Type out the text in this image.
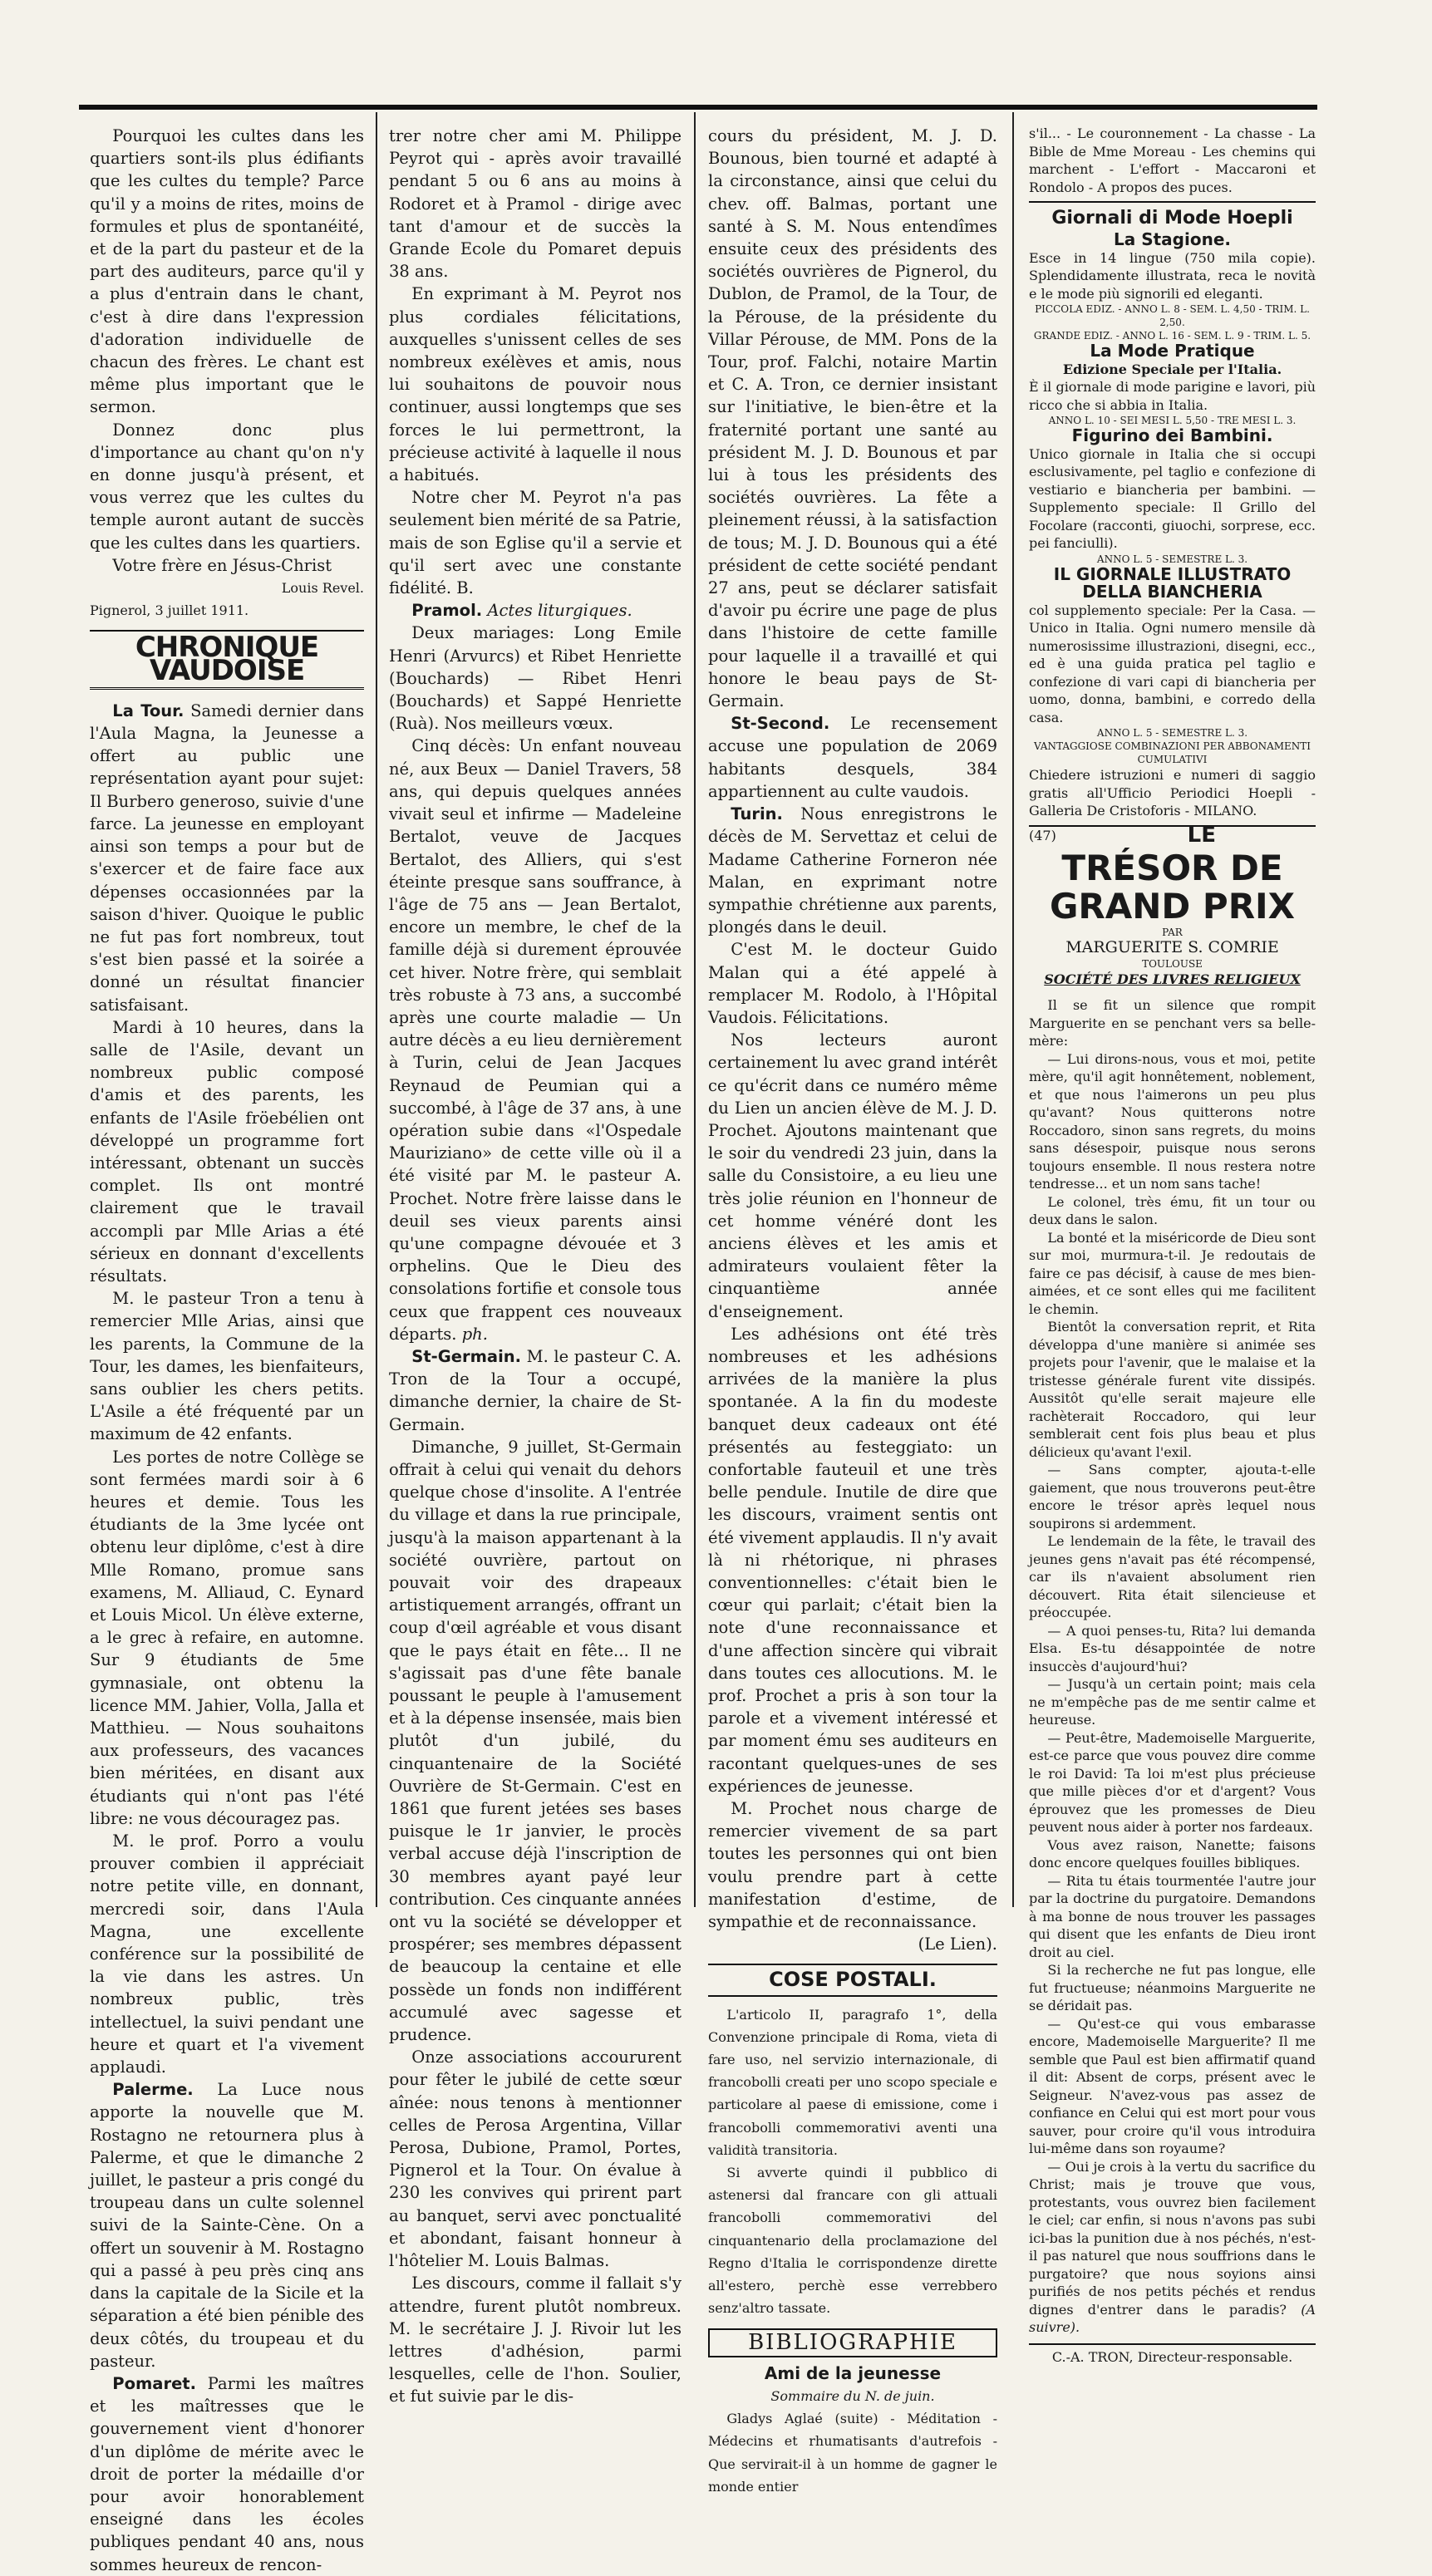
Pourquoi les cultes dans les quartiers sont-ils plus édifiants que les cultes du temple? Parce qu'il y a moins de rites, moins de formules et plus de spontanéité, et de la part du pasteur et de la part des auditeurs, parce qu'il y a plus d'entrain dans le chant, c'est à dire dans l'expression d'adoration individuelle de chacun des frères. Le chant est même plus important que le sermon.

Donnez donc plus d'importance au chant qu'on n'y en donne jusqu'à présent, et vous verrez que les cultes du temple auront autant de succès que les cultes dans les quartiers.

Votre frère en Jésus-Christ

Louis Revel.
Pignerol, 3 juillet 1911.
CHRONIQUE VAUDOISE

La Tour. Samedi dernier dans l'Aula Magna, la Jeunesse a offert au public une représentation ayant pour sujet: Il Burbero generoso, suivie d'une farce. La jeunesse en employant ainsi son temps a pour but de s'exercer et de faire face aux dépenses occasionnées par la saison d'hiver. Quoique le public ne fut pas fort nombreux, tout s'est bien passé et la soirée a donné un résultat financier satisfaisant.

Mardi à 10 heures, dans la salle de l'Asile, devant un nombreux public composé d'amis et des parents, les enfants de l'Asile fröebélien ont développé un programme fort intéressant, obtenant un succès complet. Ils ont montré clairement que le travail accompli par Mlle Arias a été sérieux en donnant d'excellents résultats.

M. le pasteur Tron a tenu à remercier Mlle Arias, ainsi que les parents, la Commune de la Tour, les dames, les bienfaiteurs, sans oublier les chers petits. L'Asile a été fréquenté par un maximum de 42 enfants.

Les portes de notre Collège se sont fermées mardi soir à 6 heures et demie. Tous les étudiants de la 3me lycée ont obtenu leur diplôme, c'est à dire Mlle Romano, promue sans examens, M. Alliaud, C. Eynard et Louis Micol. Un élève externe, a le grec à refaire, en automne. Sur 9 étudiants de 5me gymnasiale, ont obtenu la licence MM. Jahier, Volla, Jalla et Matthieu. — Nous souhaitons aux professeurs, des vacances bien méritées, en disant aux étudiants qui n'ont pas l'été libre: ne vous découragez pas.

M. le prof. Porro a voulu prouver combien il appréciait notre petite ville, en donnant, mercredi soir, dans l'Aula Magna, une excellente conférence sur la possibilité de la vie dans les astres. Un nombreux public, très intellectuel, la suivi pendant une heure et quart et l'a vivement applaudi.

Palerme. La Luce nous apporte la nouvelle que M. Rostagno ne retournera plus à Palerme, et que le dimanche 2 juillet, le pasteur a pris congé du troupeau dans un culte solennel suivi de la Sainte-Cène. On a offert un souvenir à M. Rostagno qui a passé à peu près cinq ans dans la capitale de la Sicile et la séparation a été bien pénible des deux côtés, du troupeau et du pasteur.

Pomaret. Parmi les maîtres et les maîtresses que le gouvernement vient d'honorer d'un diplôme de mérite avec le droit de porter la médaille d'or pour avoir honorablement enseigné dans les écoles publiques pendant 40 ans, nous sommes heureux de rencon-

trer notre cher ami M. Philippe Peyrot qui - après avoir travaillé pendant 5 ou 6 ans au moins à Rodoret et à Pramol - dirige avec tant d'amour et de succès la Grande Ecole du Pomaret depuis 38 ans.

En exprimant à M. Peyrot nos plus cordiales félicitations, auxquelles s'unissent celles de ses nombreux exélèves et amis, nous lui souhaitons de pouvoir nous continuer, aussi longtemps que ses forces le lui permettront, la précieuse activité à laquelle il nous a habitués.

Notre cher M. Peyrot n'a pas seulement bien mérité de sa Patrie, mais de son Eglise qu'il a servie et qu'il sert avec une constante fidélité. B.

Pramol. Actes liturgiques.

Deux mariages: Long Emile Henri (Arvurcs) et Ribet Henriette (Bouchards) — Ribet Henri (Bouchards) et Sappé Henriette (Ruà). Nos meilleurs vœux.

Cinq décès: Un enfant nouveau né, aux Beux — Daniel Travers, 58 ans, qui depuis quelques années vivait seul et infirme — Madeleine Bertalot, veuve de Jacques Bertalot, des Alliers, qui s'est éteinte presque sans souffrance, à l'âge de 75 ans — Jean Bertalot, encore un membre, le chef de la famille déjà si durement éprouvée cet hiver. Notre frère, qui semblait très robuste à 73 ans, a succombé après une courte maladie — Un autre décès a eu lieu dernièrement à Turin, celui de Jean Jacques Reynaud de Peumian qui a succombé, à l'âge de 37 ans, à une opération subie dans «l'Ospedale Mauriziano» de cette ville où il a été visité par M. le pasteur A. Prochet. Notre frère laisse dans le deuil ses vieux parents ainsi qu'une compagne dévouée et 3 orphelins. Que le Dieu des consolations fortifie et console tous ceux que frappent ces nouveaux départs. ph.

St-Germain. M. le pasteur C. A. Tron de la Tour a occupé, dimanche dernier, la chaire de St-Germain.

Dimanche, 9 juillet, St-Germain offrait à celui qui venait du dehors quelque chose d'insolite. A l'entrée du village et dans la rue principale, jusqu'à la maison appartenant à la société ouvrière, partout on pouvait voir des drapeaux artistiquement arrangés, offrant un coup d'œil agréable et vous disant que le pays était en fête... Il ne s'agissait pas d'une fête banale poussant le peuple à l'amusement et à la dépense insensée, mais bien plutôt d'un jubilé, du cinquantenaire de la Société Ouvrière de St-Germain. C'est en 1861 que furent jetées ses bases puisque le 1r janvier, le procès verbal accuse déjà l'inscription de 30 membres ayant payé leur contribution. Ces cinquante années ont vu la société se développer et prospérer; ses membres dépassent de beaucoup la centaine et elle possède un fonds non indifférent accumulé avec sagesse et prudence.

Onze associations accoururent pour fêter le jubilé de cette sœur aînée: nous tenons à mentionner celles de Perosa Argentina, Villar Perosa, Dubione, Pramol, Portes, Pignerol et la Tour. On évalue à 230 les convives qui prirent part au banquet, servi avec ponctualité et abondant, faisant honneur à l'hôtelier M. Louis Balmas.

Les discours, comme il fallait s'y attendre, furent plutôt nombreux. M. le secrétaire J. J. Rivoir lut les lettres d'adhésion, parmi lesquelles, celle de l'hon. Soulier, et fut suivie par le dis-

cours du président, M. J. D. Bounous, bien tourné et adapté à la circonstance, ainsi que celui du chev. off. Balmas, portant une santé à S. M. Nous entendîmes ensuite ceux des présidents des sociétés ouvrières de Pignerol, du Dublon, de Pramol, de la Tour, de la Pérouse, de la présidente du Villar Pérouse, de MM. Pons de la Tour, prof. Falchi, notaire Martin et C. A. Tron, ce dernier insistant sur l'initiative, le bien-être et la fraternité portant une santé au président M. J. D. Bounous et par lui à tous les présidents des sociétés ouvrières. La fête a pleinement réussi, à la satisfaction de tous; M. J. D. Bounous qui a été président de cette société pendant 27 ans, peut se déclarer satisfait d'avoir pu écrire une page de plus dans l'histoire de cette famille pour laquelle il a travaillé et qui honore le beau pays de St-Germain.

St-Second. Le recensement accuse une population de 2069 habitants desquels, 384 appartiennent au culte vaudois.

Turin. Nous enregistrons le décès de M. Servettaz et celui de Madame Catherine Forneron née Malan, en exprimant notre sympathie chrétienne aux parents, plongés dans le deuil.

C'est M. le docteur Guido Malan qui a été appelé à remplacer M. Rodolo, à l'Hôpital Vaudois. Félicitations.

Nos lecteurs auront certainement lu avec grand intérêt ce qu'écrit dans ce numéro même du Lien un ancien élève de M. J. D. Prochet. Ajoutons maintenant que le soir du vendredi 23 juin, dans la salle du Consistoire, a eu lieu une très jolie réunion en l'honneur de cet homme vénéré dont les anciens élèves et les amis et admirateurs voulaient fêter la cinquantième année d'enseignement.

Les adhésions ont été très nombreuses et les adhésions arrivées de la manière la plus spontanée. A la fin du modeste banquet deux cadeaux ont été présentés au festeggiato: un confortable fauteuil et une très belle pendule. Inutile de dire que les discours, vraiment sentis ont été vivement applaudis. Il n'y avait là ni rhétorique, ni phrases conventionnelles: c'était bien le cœur qui parlait; c'était bien la note d'une reconnaissance et d'une affection sincère qui vibrait dans toutes ces allocutions. M. le prof. Prochet a pris à son tour la parole et a vivement intéressé et par moment ému ses auditeurs en racontant quelques-unes de ses expériences de jeunesse.

M. Prochet nous charge de remercier vivement de sa part toutes les personnes qui ont bien voulu prendre part à cette manifestation d'estime, de sympathie et de reconnaissance.

(Le Lien).
COSE POSTALI.

L'articolo II, paragrafo 1°, della Convenzione principale di Roma, vieta di fare uso, nel servizio internazionale, di francobolli creati per uno scopo speciale e particolare al paese di emissione, come i francobolli commemorativi aventi una validità transitoria.

Si avverte quindi il pubblico di astenersi dal francare con gli attuali francobolli commemorativi del cinquantenario della proclamazione del Regno d'Italia le corrispondenze dirette all'estero, perchè esse verrebbero senz'altro tassate.

BIBLIOGRAPHIE
Ami de la jeunesse
Sommaire du N. de juin.

Gladys Aglaé (suite) - Méditation - Médecins et rhumatisants d'autrefois - Que servirait-il à un homme de gagner le monde entier

s'il... - Le couronnement - La chasse - La Bible de Mme Moreau - Les chemins qui marchent - L'effort - Maccaroni et Rondolo - A propos des puces.

Giornali di Mode Hoepli
La Stagione.

Esce in 14 lingue (750 mila copie). Splendidamente illustrata, reca le novità e le mode più signorili ed eleganti.

PICCOLA EDIZ. - ANNO L. 8 - SEM. L. 4,50 - TRIM. L. 2,50.
GRANDE EDIZ. - ANNO L. 16 - SEM. L. 9 - TRIM. L. 5.
La Mode Pratique
Edizione Speciale per l'Italia.

È il giornale di mode parigine e lavori, più ricco che si abbia in Italia.

ANNO L. 10 - SEI MESI L. 5,50 - TRE MESI L. 3.
Figurino dei Bambini.

Unico giornale in Italia che si occupi esclusivamente, pel taglio e confezione di vestiario e biancheria per bambini. — Supplemento speciale: Il Grillo del Focolare (racconti, giuochi, sorprese, ecc. pei fanciulli).

ANNO L. 5 - SEMESTRE L. 3.
IL GIORNALE ILLUSTRATO DELLA BIANCHERIA

col supplemento speciale: Per la Casa. — Unico in Italia. Ogni numero mensile dà numerosissime illustrazioni, disegni, ecc., ed è una guida pratica pel taglio e confezione di vari capi di biancheria per uomo, donna, bambini, e corredo della casa.

ANNO L. 5 - SEMESTRE L. 3.
VANTAGGIOSE COMBINAZIONI PER ABBONAMENTI CUMULATIVI

Chiedere istruzioni e numeri di saggio gratis all'Ufficio Periodici Hoepli - Galleria De Cristoforis - MILANO.

(47)	LE
TRÉSOR DE GRAND PRIX
PAR
MARGUERITE S. COMRIE
TOULOUSE
SOCIÉTÉ DES LIVRES RELIGIEUX

Il se fit un silence que rompit Marguerite en se penchant vers sa belle-mère:

— Lui dirons-nous, vous et moi, petite mère, qu'il agit honnêtement, noblement, et que nous l'aimerons un peu plus qu'avant? Nous quitterons notre Roccadoro, sinon sans regrets, du moins sans désespoir, puisque nous serons toujours ensemble. Il nous restera notre tendresse... et un nom sans tache!

Le colonel, très ému, fit un tour ou deux dans le salon.

La bonté et la miséricorde de Dieu sont sur moi, murmura-t-il. Je redoutais de faire ce pas décisif, à cause de mes bien-aimées, et ce sont elles qui me facilitent le chemin.

Bientôt la conversation reprit, et Rita développa d'une manière si animée ses projets pour l'avenir, que le malaise et la tristesse générale furent vite dissipés. Aussitôt qu'elle serait majeure elle rachèterait Roccadoro, qui leur semblerait cent fois plus beau et plus délicieux qu'avant l'exil.

— Sans compter, ajouta-t-elle gaiement, que nous trouverons peut-être encore le trésor après lequel nous soupirons si ardemment.

Le lendemain de la fête, le travail des jeunes gens n'avait pas été récompensé, car ils n'avaient absolument rien découvert. Rita était silencieuse et préoccupée.

— A quoi penses-tu, Rita? lui demanda Elsa. Es-tu désappointée de notre insuccès d'aujourd'hui?

— Jusqu'à un certain point; mais cela ne m'empêche pas de me sentir calme et heureuse.

— Peut-être, Mademoiselle Marguerite, est-ce parce que vous pouvez dire comme le roi David: Ta loi m'est plus précieuse que mille pièces d'or et d'argent? Vous éprouvez que les promesses de Dieu peuvent nous aider à porter nos fardeaux.

Vous avez raison, Nanette; faisons donc encore quelques fouilles bibliques.

— Rita tu étais tourmentée l'autre jour par la doctrine du purgatoire. Demandons à ma bonne de nous trouver les passages qui disent que les enfants de Dieu iront droit au ciel.

Si la recherche ne fut pas longue, elle fut fructueuse; néanmoins Marguerite ne se déridait pas.

— Qu'est-ce qui vous embarasse encore, Mademoiselle Marguerite? Il me semble que Paul est bien affirmatif quand il dit: Absent de corps, présent avec le Seigneur. N'avez-vous pas assez de confiance en Celui qui est mort pour vous sauver, pour croire qu'il vous introduira lui-même dans son royaume?

— Oui je crois à la vertu du sacrifice du Christ; mais je trouve que vous, protestants, vous ouvrez bien facilement le ciel; car enfin, si nous n'avons pas subi ici-bas la punition due à nos péchés, n'est-il pas naturel que nous souffrions dans le purgatoire? que nous soyions ainsi purifiés de nos petits péchés et rendus dignes d'entrer dans le paradis? (A suivre).

C.-A. TRON, Directeur-responsable.
